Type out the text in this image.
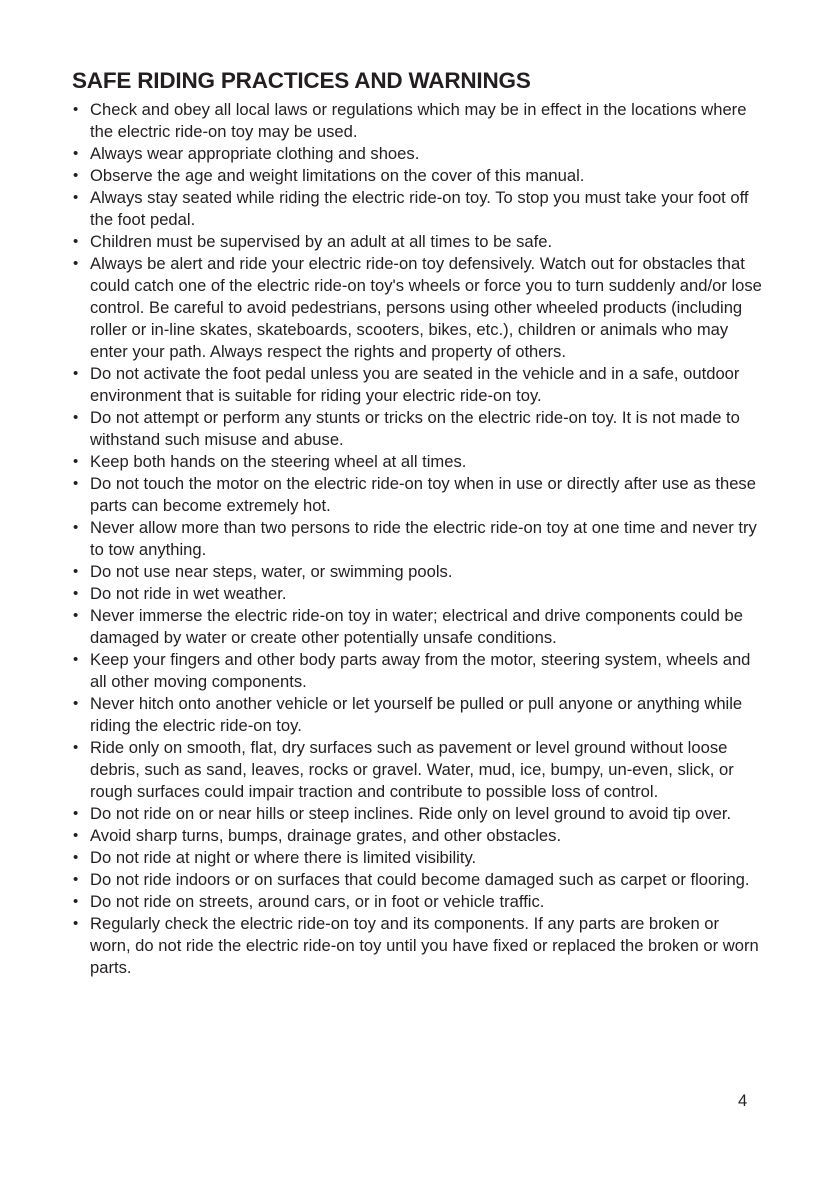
SAFE RIDING PRACTICES AND WARNINGS
• Check and obey all local laws or regulations which may be in effect in the locations where the electric ride-on toy may be used.
• Always wear appropriate clothing and shoes.
• Observe the age and weight limitations on the cover of this manual.
• Always stay seated while riding the electric ride-on toy. To stop you must take your foot off the foot pedal.
• Children must be supervised by an adult at all times to be safe.
• Always be alert and ride your electric ride-on toy defensively. Watch out for obstacles that could catch one of the electric ride-on toy's wheels or force you to turn suddenly and/or lose control. Be careful to avoid pedestrians, persons using other wheeled products (including roller or in-line skates, skateboards, scooters, bikes, etc.), children or animals who may enter your path. Always respect the rights and property of others.
• Do not activate the foot pedal unless you are seated in the vehicle and in a safe, outdoor environment that is suitable for riding your electric ride-on toy.
• Do not attempt or perform any stunts or tricks on the electric ride-on toy. It is not made to withstand such misuse and abuse.
• Keep both hands on the steering wheel at all times.
• Do not touch the motor on the electric ride-on toy when in use or directly after use as these parts can become extremely hot.
• Never allow more than two persons to ride the electric ride-on toy at one time and never try to tow anything.
• Do not use near steps, water, or swimming pools.
• Do not ride in wet weather.
• Never immerse the electric ride-on toy in water; electrical and drive components could be damaged by water or create other potentially unsafe conditions.
• Keep your fingers and other body parts away from the motor, steering system, wheels and all other moving components.
• Never hitch onto another vehicle or let yourself be pulled or pull anyone or anything while riding the electric ride-on toy.
• Ride only on smooth, flat, dry surfaces such as pavement or level ground without loose debris, such as sand, leaves, rocks or gravel. Water, mud, ice, bumpy, un-even, slick, or rough surfaces could impair traction and contribute to possible loss of control.
• Do not ride on or near hills or steep inclines. Ride only on level ground to avoid tip over.
• Avoid sharp turns, bumps, drainage grates, and other obstacles.
• Do not ride at night or where there is limited visibility.
• Do not ride indoors or on surfaces that could become damaged such as carpet or flooring.
• Do not ride on streets, around cars, or in foot or vehicle traffic.
• Regularly check the electric ride-on toy and its components. If any parts are broken or worn, do not ride the electric ride-on toy until you have fixed or replaced the broken or worn parts.
4
